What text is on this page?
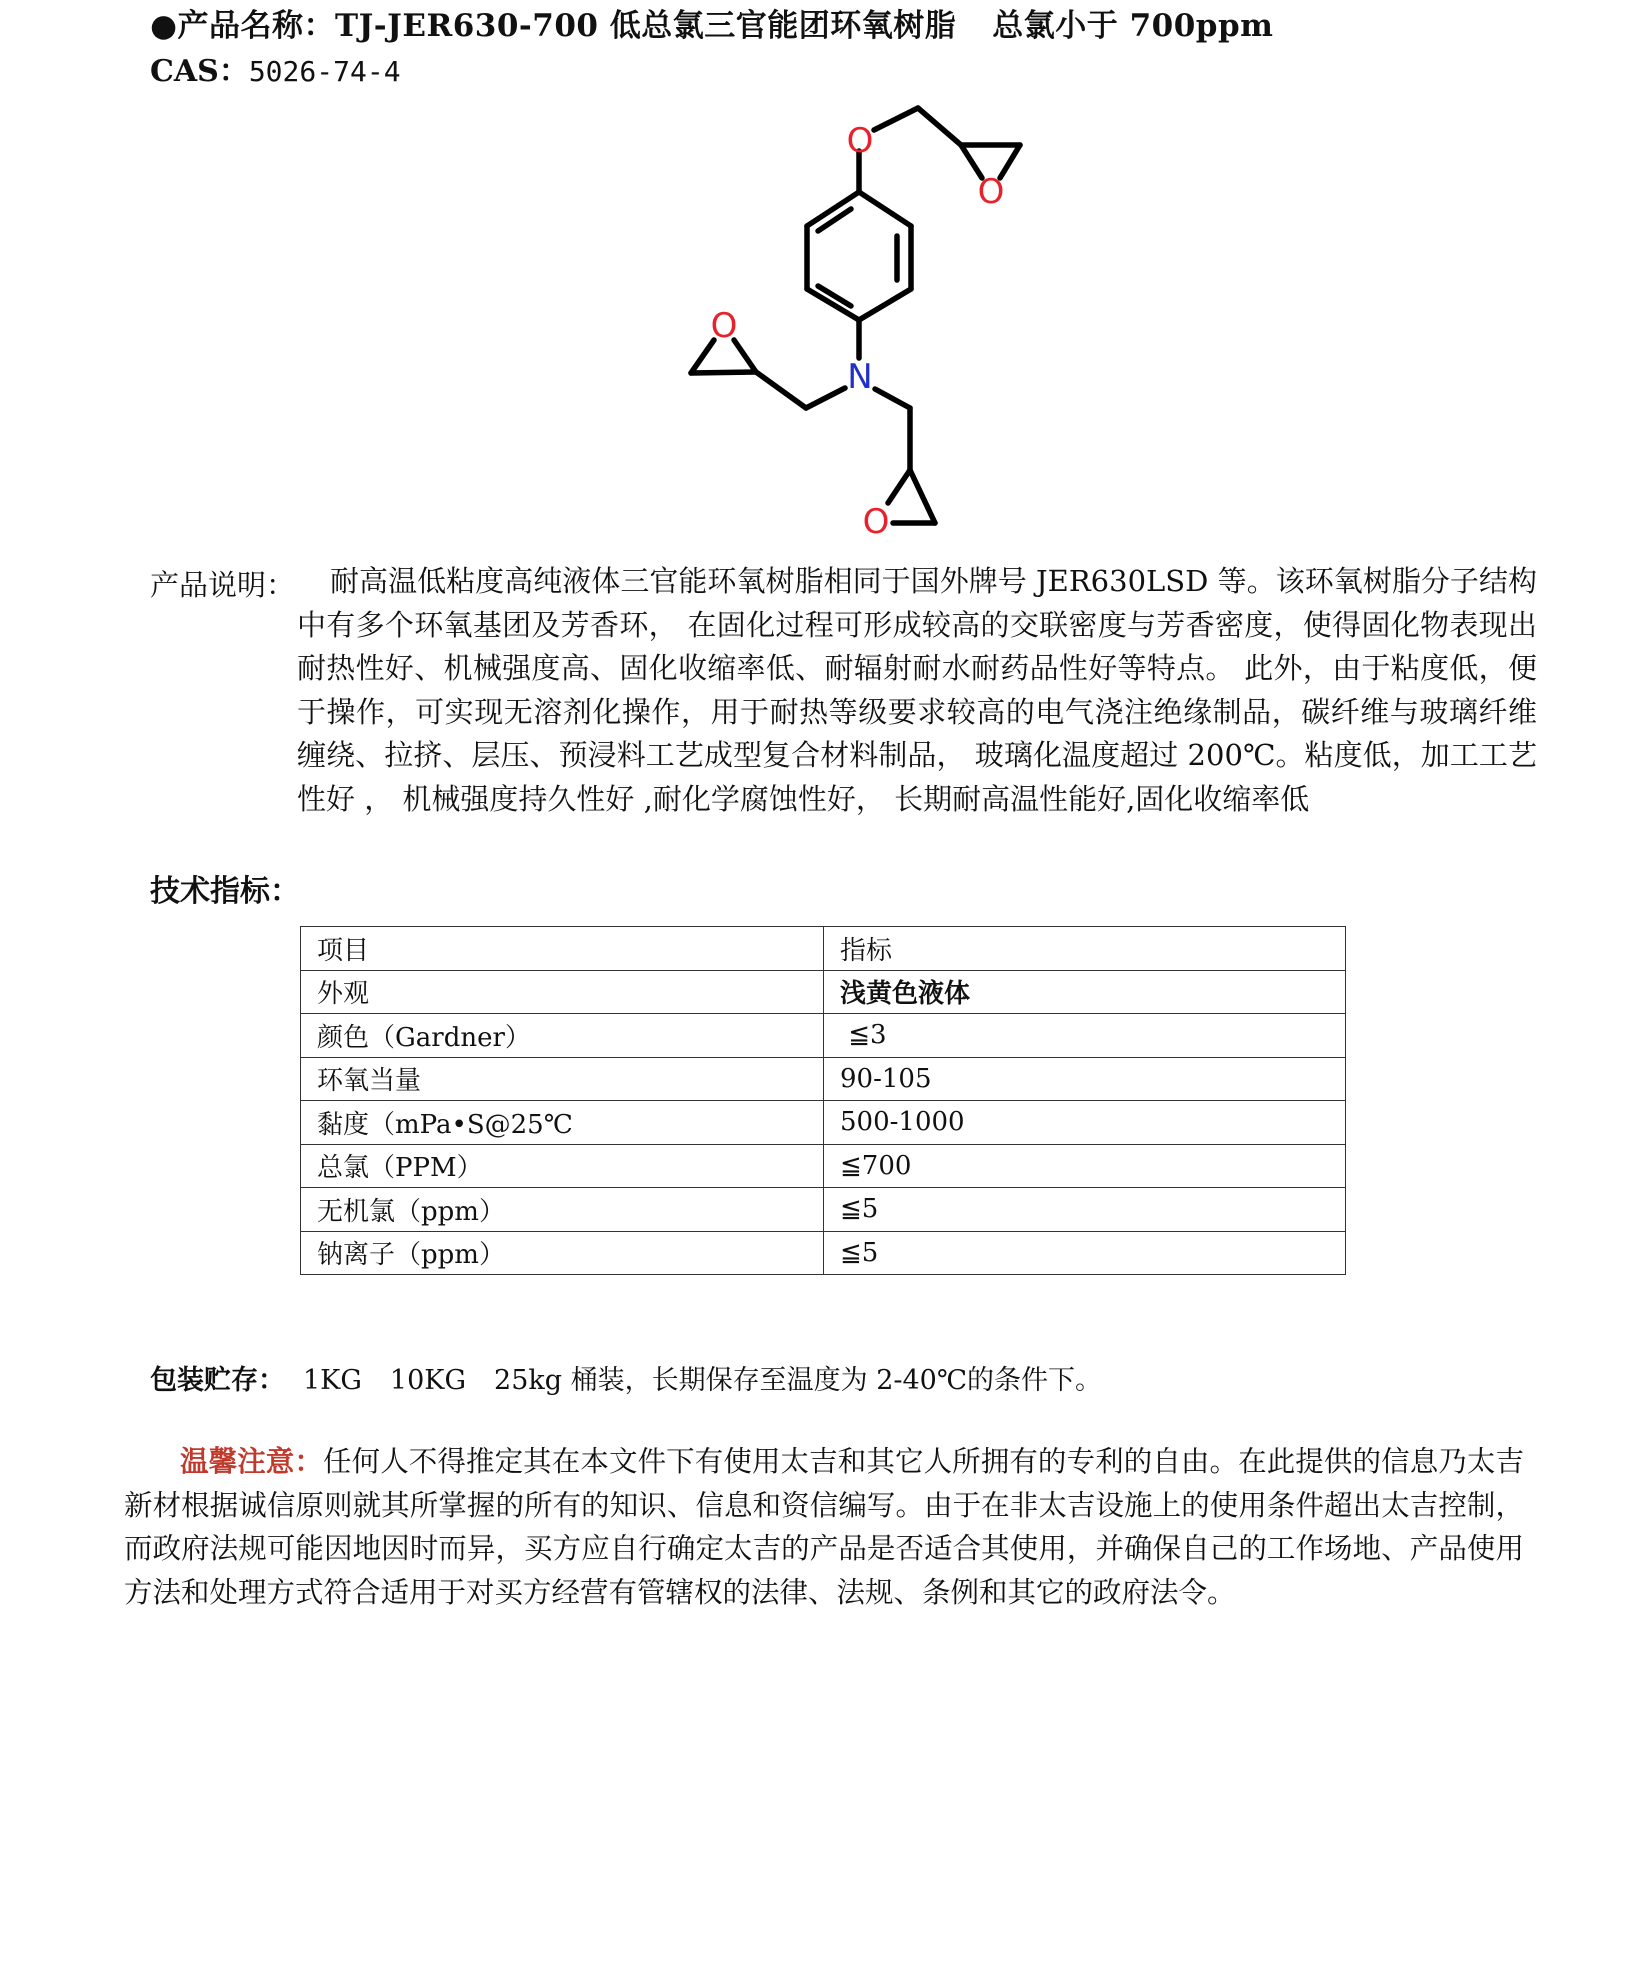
●产品名称：TJ-JER630-700 低总氯三官能团环氧树脂 总氯小于 700ppm
CAS：5026-74-4
O
O
O
N
O
产品说明：	耐高温低粘度高纯液体三官能环氧树脂相同于国外牌号 JER630LSD 等。该环氧树脂分子结构中有多个环氧基团及芳香环， 在固化过程可形成较高的交联密度与芳香密度，使得固化物表现出耐热性好、机械强度高、固化收缩率低、耐辐射耐水耐药品性好等特点。 此外，由于粘度低，便于操作，可实现无溶剂化操作，用于耐热等级要求较高的电气浇注绝缘制品，碳纤维与玻璃纤维缠绕、拉挤、层压、预浸料工艺成型复合材料制品， 玻璃化温度超过 200℃。粘度低，加工工艺性好 ， 机械强度持久性好 ,耐化学腐蚀性好， 长期耐高温性能好,固化收缩率低
技术指标：
项目	指标
外观	浅黄色液体
颜色（Gardner）	≦3
环氧当量	90-105
黏度（mPa•S@25℃	500-1000
总氯（PPM）	≦700
无机氯（ppm）	≦5
钠离子（ppm）	≦5
包装贮存： 1KG 10KG 25kg 桶装，长期保存至温度为 2-40℃的条件下。
温馨注意：任何人不得推定其在本文件下有使用太吉和其它人所拥有的专利的自由。在此提供的信息乃太吉新材根据诚信原则就其所掌握的所有的知识、信息和资信编写。由于在非太吉设施上的使用条件超出太吉控制，而政府法规可能因地因时而异，买方应自行确定太吉的产品是否适合其使用，并确保自己的工作场地、产品使用方法和处理方式符合适用于对买方经营有管辖权的法律、法规、条例和其它的政府法令。
